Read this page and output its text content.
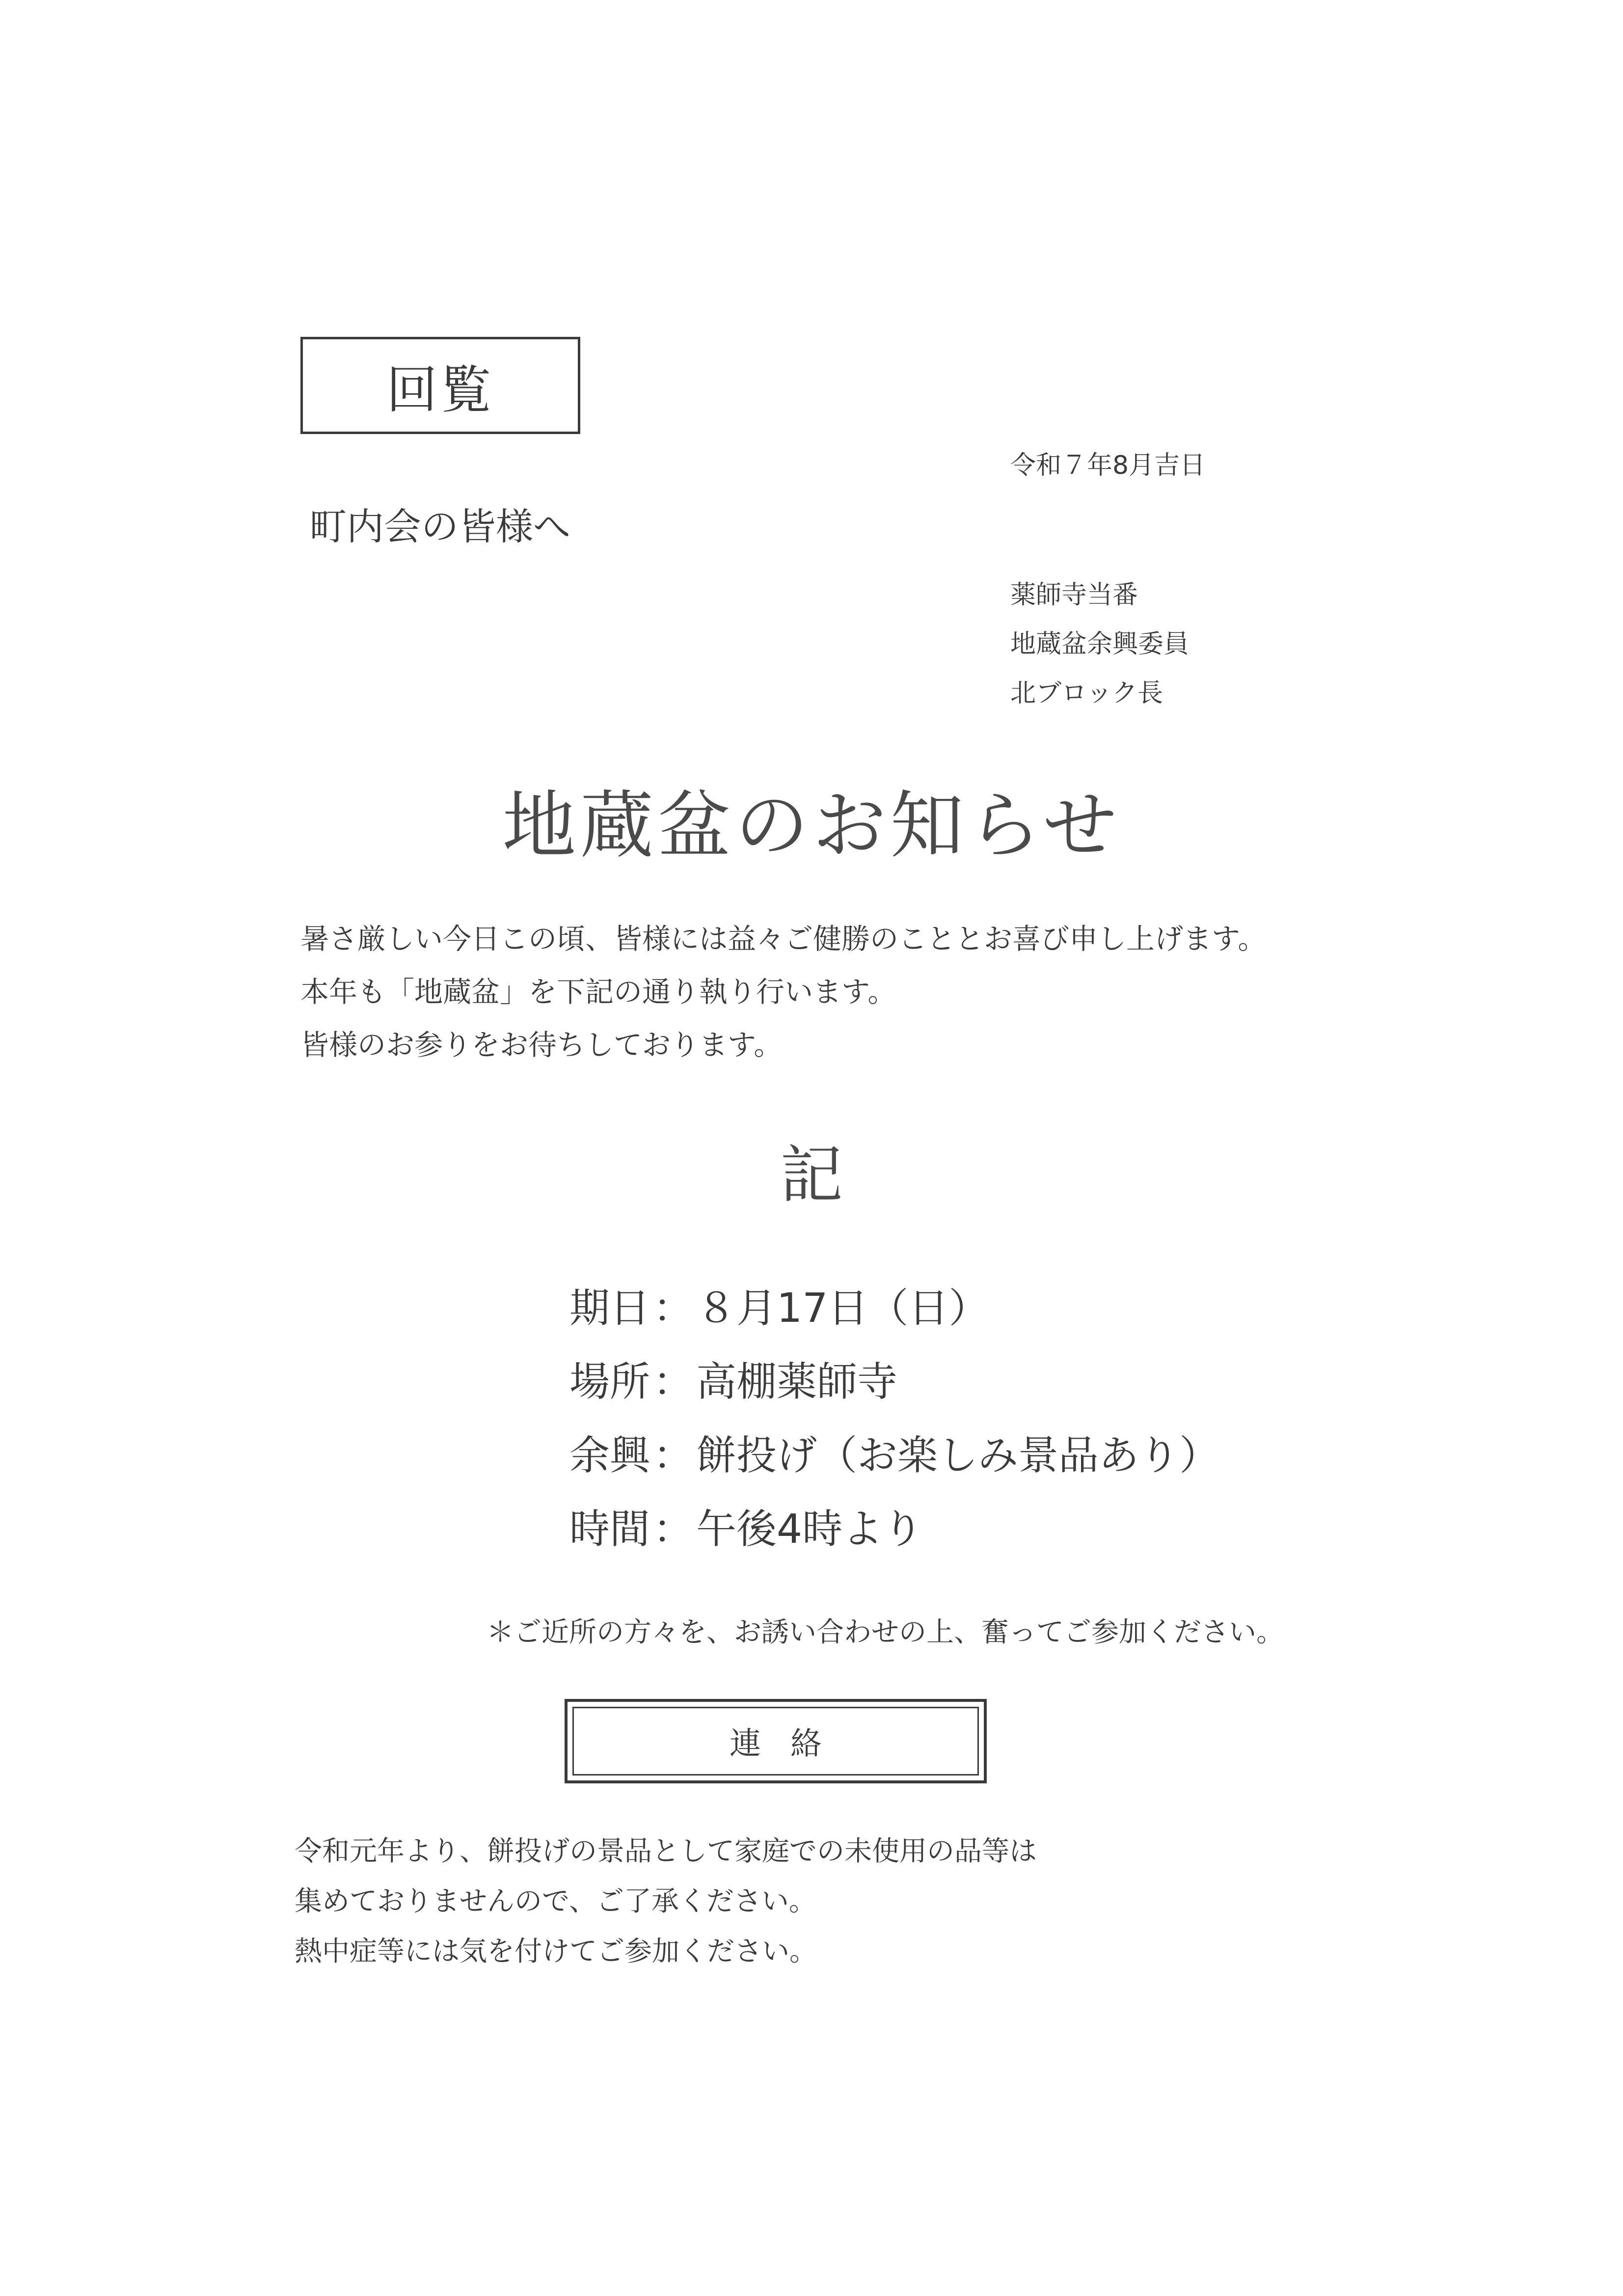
回覧
令和７年8月吉日
町内会の皆様へ
薬師寺当番
地蔵盆余興委員
北ブロック長
地蔵盆のお知らせ
暑さ厳しい今日この頃、皆様には益々ご健勝のこととお喜び申し上げます。
本年も「地蔵盆」を下記の通り執り行います。
皆様のお参りをお待ちしております。
記
期日 ： ８月17日（日）
場所 ： 高棚薬師寺
余興 ： 餅投げ（お楽しみ景品あり）
時間 ： 午後4時より
＊ご近所の方々を、お誘い合わせの上、奮ってご参加ください。
連絡
令和元年より、餅投げの景品として家庭での未使用の品等は
集めておりませんので、ご了承ください。
熱中症等には気を付けてご参加ください。
